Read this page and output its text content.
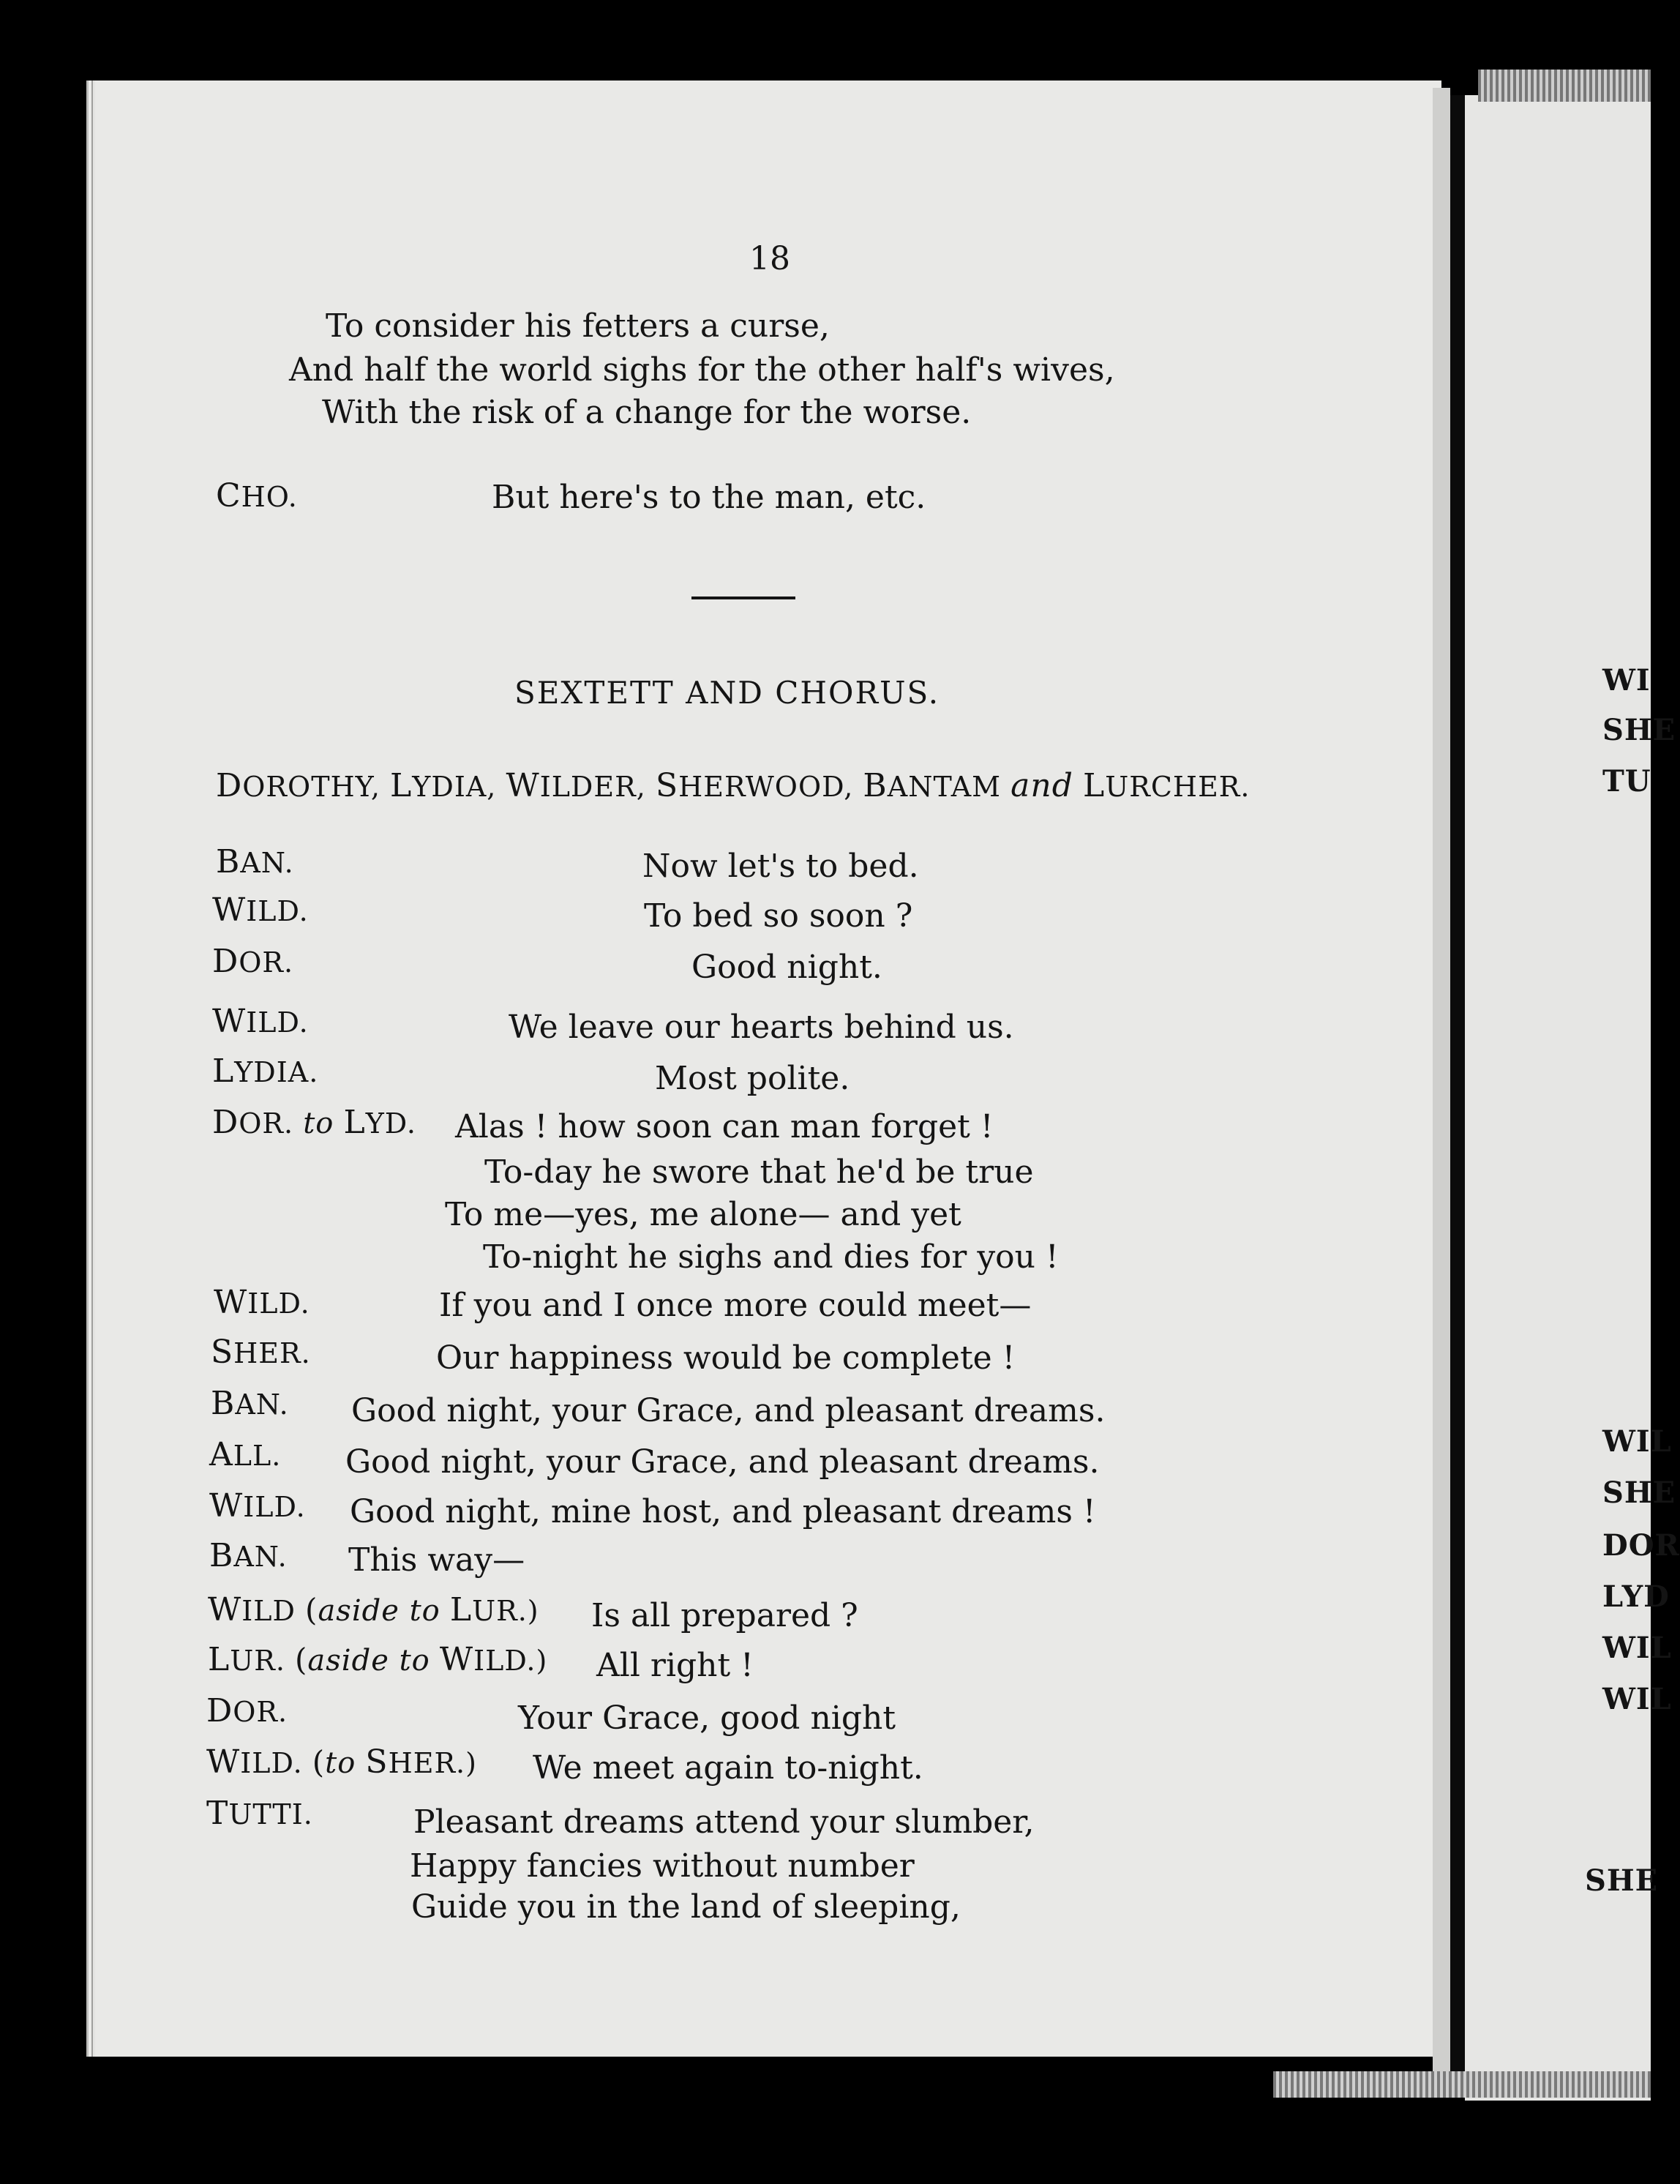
18
To consider his fetters a curse,
And half the world sighs for the other half's wives,
With the risk of a change for the worse.
CHO.	But here's to the man, etc.
SEXTETT AND CHORUS.
DOROTHY, LYDIA, WILDER, SHERWOOD, BANTAM and LURCHER.
BAN.	Now let's to bed.
WILD.	To bed so soon ?
DOR.	Good night.
WILD.	We leave our hearts behind us.
LYDIA.	Most polite.
DOR. to LYD. Alas ! how soon can man forget !
To-day he swore that he'd be true
To me—yes, me alone— and yet
To-night he sighs and dies for you !
WILD.	If you and I once more could meet—
SHER.	Our happiness would be complete !
BAN. Good night, your Grace, and pleasant dreams.
ALL. Good night, your Grace, and pleasant dreams.
WILD. Good night, mine host, and pleasant dreams !
BAN. This way—
WILD (aside to LUR.) Is all prepared ?
LUR. (aside to WILD.) All right !
DOR.	Your Grace, good night
WILD. (to SHER.) We meet again to-night.
TUTTI.	Pleasant dreams attend your slumber,
Happy fancies without number
Guide you in the land of sleeping,
WI
SHE
TU
WIL
SHE
DOR
LYD
WIL
WIL
SHE
